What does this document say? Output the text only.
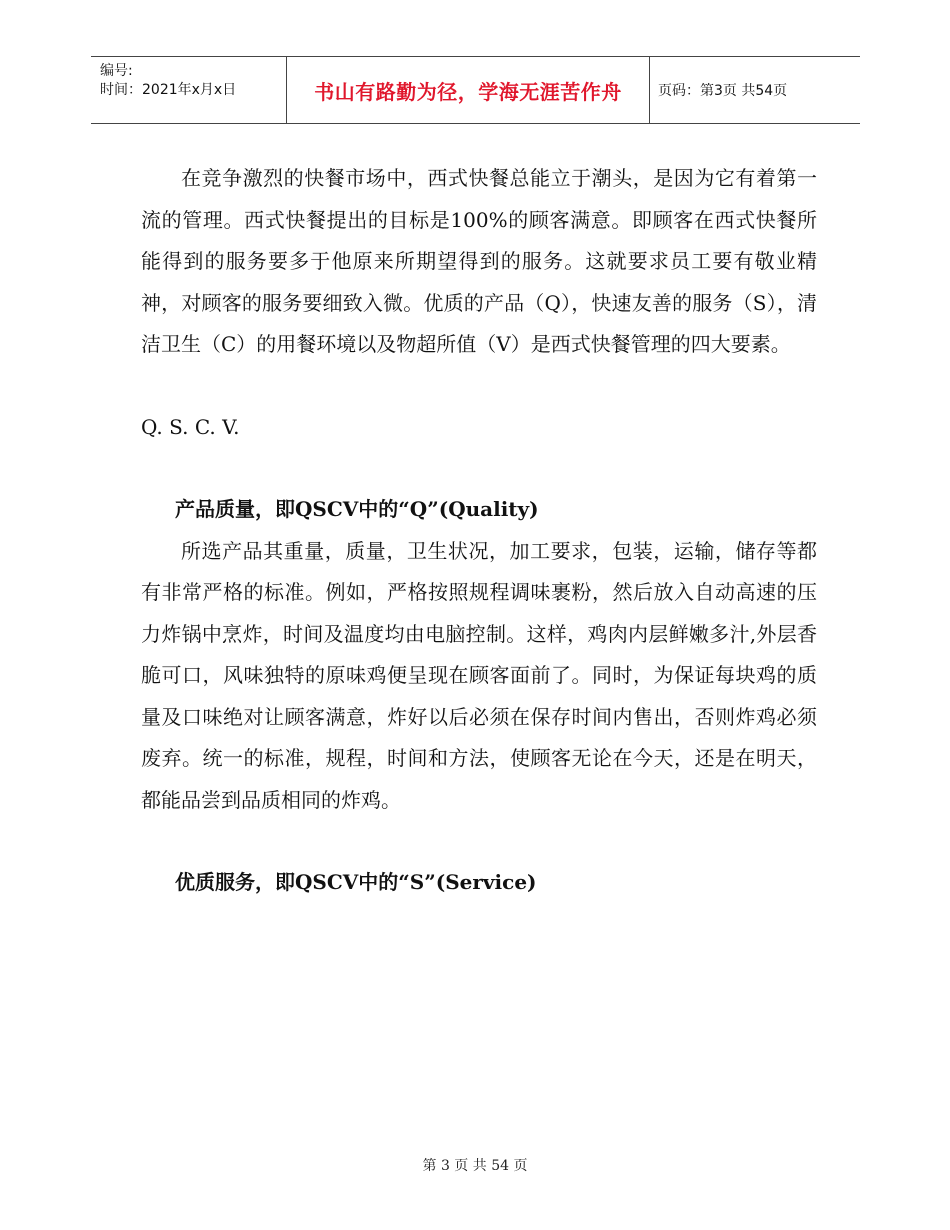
编号:
时间：2021年x月x日	书山有路勤为径，学海无涯苦作舟	页码：第3页 共54页

在竞争激烈的快餐市场中，西式快餐总能立于潮头，是因为它有着第一流的管理。西式快餐提出的目标是100%的顾客满意。即顾客在西式快餐所能得到的服务要多于他原来所期望得到的服务。这就要求员工要有敬业精神，对顾客的服务要细致入微。优质的产品（Q），快速友善的服务（S），清洁卫生（C）的用餐环境以及物超所值（V）是西式快餐管理的四大要素。

Q. S. C. V.

产品质量，即QSCV中的“Q”(Quality)

所选产品其重量，质量，卫生状况，加工要求，包装，运输，储存等都有非常严格的标准。例如，严格按照规程调味裹粉，然后放入自动高速的压力炸锅中烹炸，时间及温度均由电脑控制。这样，鸡肉内层鲜嫩多汁,外层香脆可口，风味独特的原味鸡便呈现在顾客面前了。同时，为保证每块鸡的质量及口味绝对让顾客满意，炸好以后必须在保存时间内售出，否则炸鸡必须废弃。统一的标准，规程，时间和方法，使顾客无论在今天，还是在明天，都能品尝到品质相同的炸鸡。

优质服务，即QSCV中的“S”(Service)

第 3 页 共 54 页
